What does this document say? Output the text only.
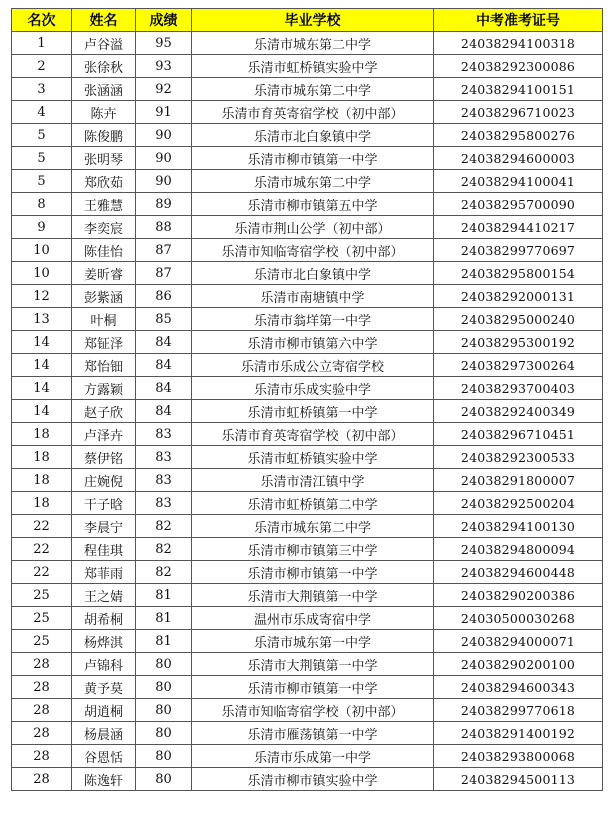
名次	姓名	成绩	毕业学校	中考准考证号
1	卢谷溢	95	乐清市城东第二中学	24038294100318
2	张徐秋	93	乐清市虹桥镇实验中学	24038292300086
3	张涵涵	92	乐清市城东第二中学	24038294100151
4	陈卉	91	乐清市育英寄宿学校（初中部）	24038296710023
5	陈俊鹏	90	乐清市北白象镇中学	24038295800276
5	张明琴	90	乐清市柳市镇第一中学	24038294600003
5	郑欣茹	90	乐清市城东第二中学	24038294100041
8	王雅慧	89	乐清市柳市镇第五中学	24038295700090
9	李奕宸	88	乐清市荆山公学（初中部）	24038294410217
10	陈佳怡	87	乐清市知临寄宿学校（初中部）	24038299770697
10	姜昕睿	87	乐清市北白象镇中学	24038295800154
12	彭紫涵	86	乐清市南塘镇中学	24038292000131
13	叶桐	85	乐清市翁垟第一中学	24038295000240
14	郑钲泽	84	乐清市柳市镇第六中学	24038295300192
14	郑怡钿	84	乐清市乐成公立寄宿学校	24038297300264
14	方露颖	84	乐清市乐成实验中学	24038293700403
14	赵子欣	84	乐清市虹桥镇第一中学	24038292400349
18	卢泽卉	83	乐清市育英寄宿学校（初中部）	24038296710451
18	蔡伊铭	83	乐清市虹桥镇实验中学	24038292300533
18	庄婉倪	83	乐清市清江镇中学	24038291800007
18	干子晗	83	乐清市虹桥镇第二中学	24038292500204
22	李晨宁	82	乐清市城东第二中学	24038294100130
22	程佳琪	82	乐清市柳市镇第三中学	24038294800094
22	郑菲雨	82	乐清市柳市镇第一中学	24038294600448
25	王之婧	81	乐清市大荆镇第一中学	24038290200386
25	胡希桐	81	温州市乐成寄宿中学	24030500030268
25	杨烨淇	81	乐清市城东第一中学	24038294000071
28	卢锦科	80	乐清市大荆镇第一中学	24038290200100
28	黄予莫	80	乐清市柳市镇第一中学	24038294600343
28	胡逍桐	80	乐清市知临寄宿学校（初中部）	24038299770618
28	杨晨涵	80	乐清市雁荡镇第一中学	24038291400192
28	谷恩恬	80	乐清市乐成第一中学	24038293800068
28	陈逸轩	80	乐清市柳市镇实验中学	24038294500113
